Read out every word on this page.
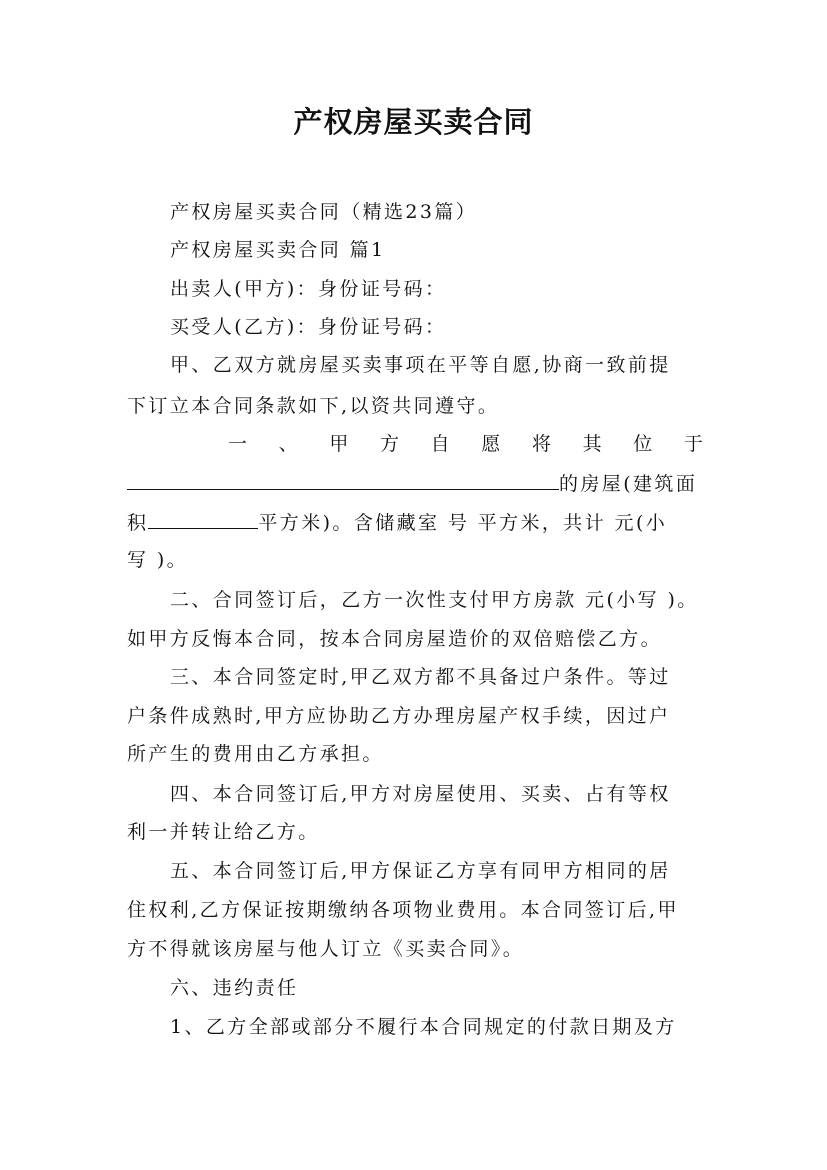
产权房屋买卖合同
产权房屋买卖合同（精选23篇）
产权房屋买卖合同 篇1
出卖人(甲方)：身份证号码：
买受人(乙方)：身份证号码：
甲、乙双方就房屋买卖事项在平等自愿,协商一致前提
下订立本合同条款如下,以资共同遵守。
一 、 甲 方 自 愿 将 其 位 于
的房屋(建筑面
积	平方米)。含储藏室 号 平方米，共计 元(小
写 )。
二、合同签订后，乙方一次性支付甲方房款 元(小写 )。
如甲方反悔本合同，按本合同房屋造价的双倍赔偿乙方。
三、本合同签定时,甲乙双方都不具备过户条件。等过
户条件成熟时,甲方应协助乙方办理房屋产权手续，因过户
所产生的费用由乙方承担。
四、本合同签订后,甲方对房屋使用、买卖、占有等权
利一并转让给乙方。
五、本合同签订后,甲方保证乙方享有同甲方相同的居
住权利,乙方保证按期缴纳各项物业费用。本合同签订后,甲
方不得就该房屋与他人订立《买卖合同》。
六、违约责任
1、乙方全部或部分不履行本合同规定的付款日期及方
